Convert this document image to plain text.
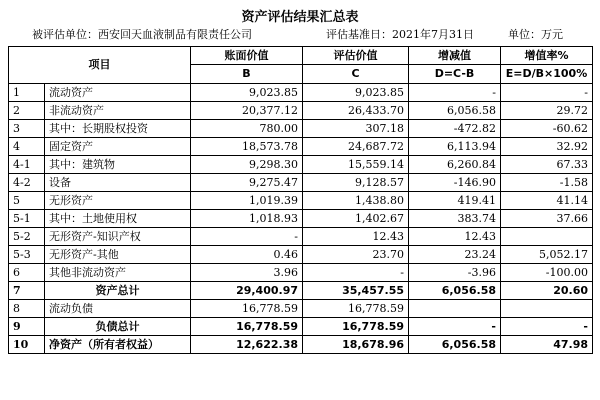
资产评估结果汇总表
被评估单位：西安回天血液制品有限责任公司	评估基准日：2021年7月31日	单位：万元
项目		账面价值	评估价值	增减值	增值率%
		B	C	D=C-B	E=D/B×100%
1	流动资产	9,023.85	9,023.85	-	-
2	非流动资产	20,377.12	26,433.70	6,056.58	29.72
3	其中：长期股权投资	780.00	307.18	-472.82	-60.62
4	固定资产	18,573.78	24,687.72	6,113.94	32.92
4-1	其中：建筑物	9,298.30	15,559.14	6,260.84	67.33
4-2	设备	9,275.47	9,128.57	-146.90	-1.58
5	无形资产	1,019.39	1,438.80	419.41	41.14
5-1	其中：土地使用权	1,018.93	1,402.67	383.74	37.66
5-2	无形资产-知识产权	-	12.43	12.43	
5-3	无形资产-其他	0.46	23.70	23.24	5,052.17
6	其他非流动资产	3.96	-	-3.96	-100.00
7	资产总计	29,400.97	35,457.55	6,056.58	20.60
8	流动负债	16,778.59	16,778.59		
9	负债总计	16,778.59	16,778.59	-	-
10	净资产（所有者权益）	12,622.38	18,678.96	6,056.58	47.98
